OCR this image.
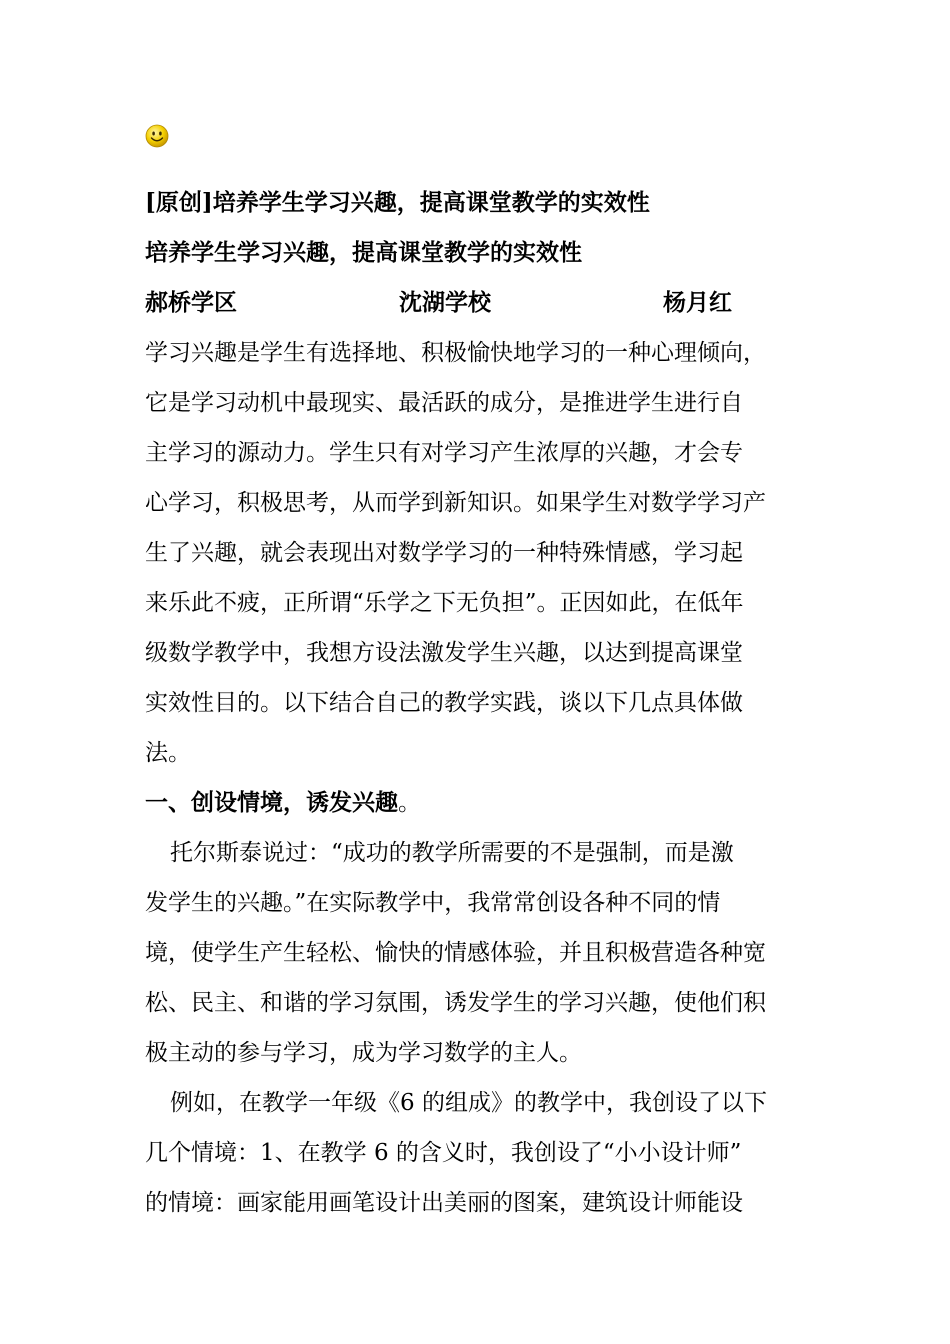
[原创]培养学生学习兴趣，提高课堂教学的实效性
培养学生学习兴趣，提高课堂教学的实效性
郝桥学区	沈湖学校	杨月红
学习兴趣是学生有选择地、积极愉快地学习的一种心理倾向，
它是学习动机中最现实、最活跃的成分，是推进学生进行自
主学习的源动力。学生只有对学习产生浓厚的兴趣，才会专
心学习，积极思考，从而学到新知识。如果学生对数学学习产
生了兴趣，就会表现出对数学学习的一种特殊情感，学习起
来乐此不疲，正所谓“乐学之下无负担”。正因如此，在低年
级数学教学中，我想方设法激发学生兴趣，以达到提高课堂
实效性目的。以下结合自己的教学实践，谈以下几点具体做
法。
一、创设情境，诱发兴趣。
托尔斯泰说过：“成功的教学所需要的不是强制，而是激
发学生的兴趣。”在实际教学中，我常常创设各种不同的情
境，使学生产生轻松、愉快的情感体验，并且积极营造各种宽
松、民主、和谐的学习氛围，诱发学生的学习兴趣，使他们积
极主动的参与学习，成为学习数学的主人。
例如，在教学一年级《6 的组成》的教学中，我创设了以下
几个情境：1、在教学 6 的含义时，我创设了“小小设计师”
的情境：画家能用画笔设计出美丽的图案，建筑设计师能设
